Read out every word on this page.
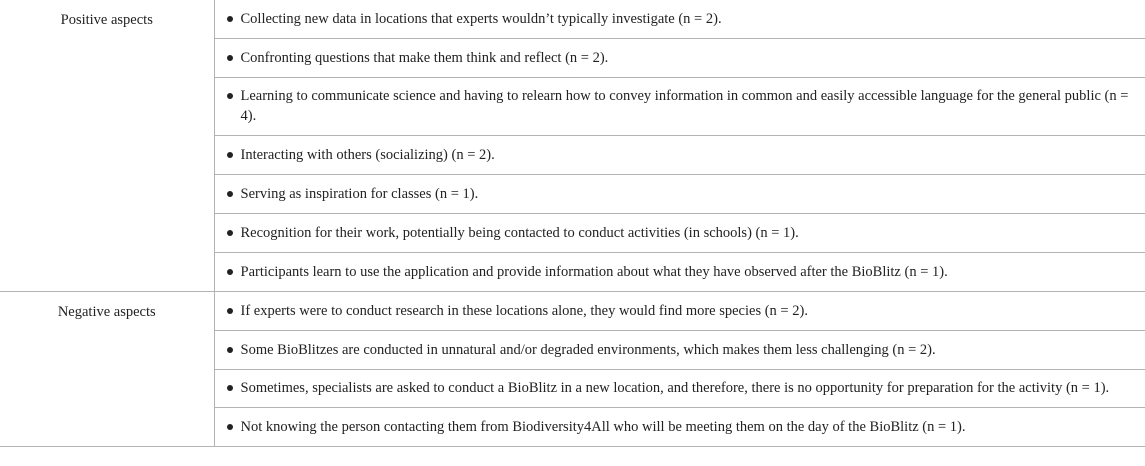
Positive aspects	Collecting new data in locations that experts wouldn’t typically investigate (n = 2).

Confronting questions that make them think and reflect (n = 2).

Learning to communicate science and having to relearn how to convey information in common and easily accessible language for the general public (n = 4).

Interacting with others (socializing) (n = 2).

Serving as inspiration for classes (n = 1).

Recognition for their work, potentially being contacted to conduct activities (in schools) (n = 1).

Participants learn to use the application and provide information about what they have observed after the BioBlitz (n = 1).
Negative aspects	If experts were to conduct research in these locations alone, they would find more species (n = 2).

Some BioBlitzes are conducted in unnatural and/or degraded environments, which makes them less challenging (n = 2).

Sometimes, specialists are asked to conduct a BioBlitz in a new location, and therefore, there is no opportunity for preparation for the activity (n = 1).

Not knowing the person contacting them from Biodiversity4All who will be meeting them on the day of the BioBlitz (n = 1).
